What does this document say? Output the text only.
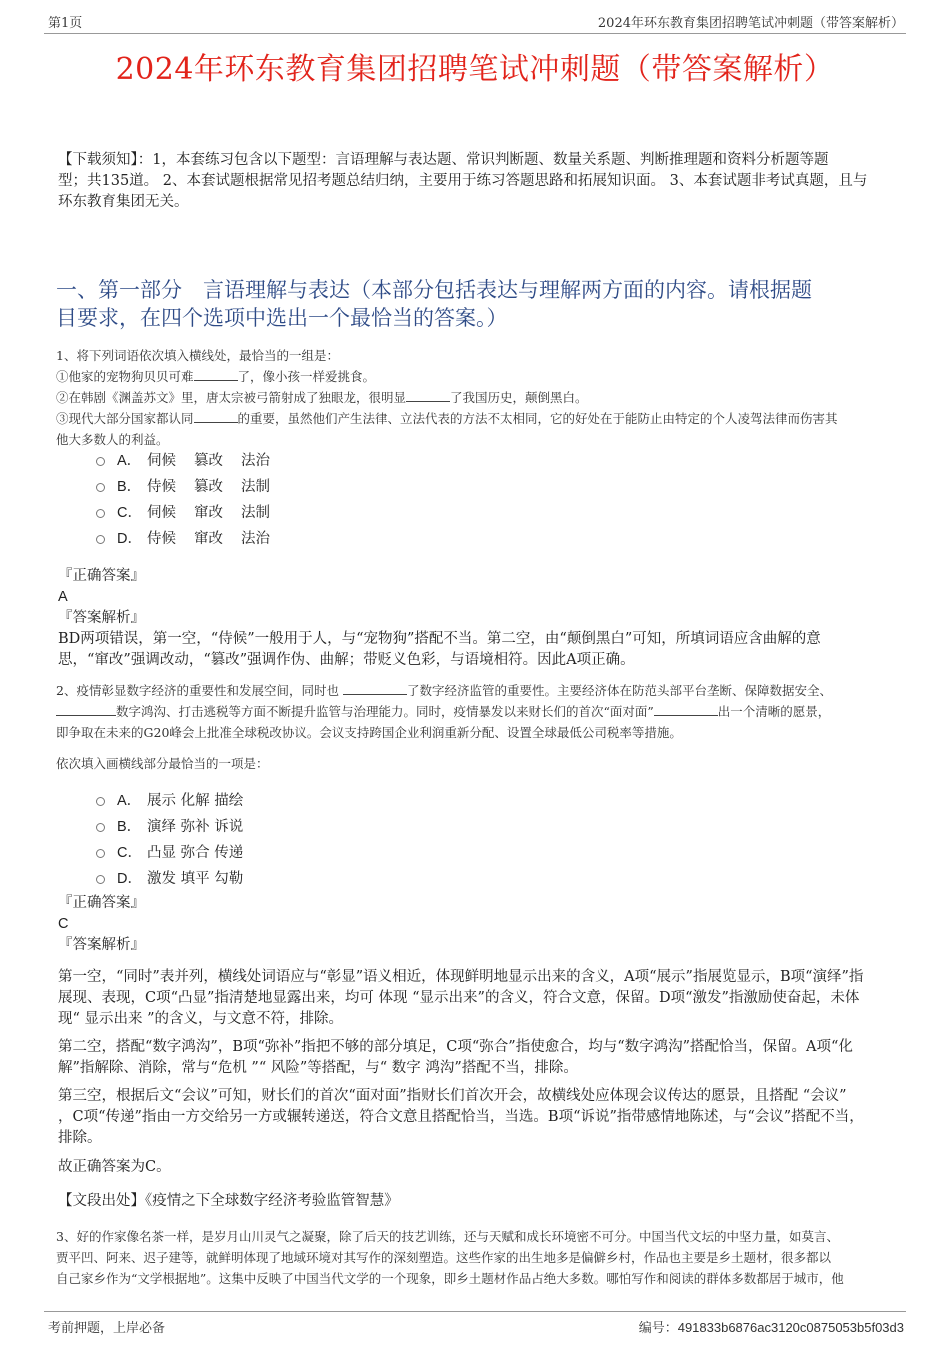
第1页	2024年环东教育集团招聘笔试冲刺题（带答案解析）
2024年环东教育集团招聘笔试冲刺题（带答案解析）
【下载须知】：1，本套练习包含以下题型：言语理解与表达题、常识判断题、数量关系题、判断推理题和资料分析题等题
型；共135道。 2、本套试题根据常见招考题总结归纳，主要用于练习答题思路和拓展知识面。 3、本套试题非考试真题，且与
环东教育集团无关。
一、第一部分　言语理解与表达（本部分包括表达与理解两方面的内容。请根据题
目要求，在四个选项中选出一个最恰当的答案。）
1、将下列词语依次填入横线处，最恰当的一组是：
①他家的宠物狗贝贝可难	了，像小孩一样爱挑食。
②在韩剧《渊盖苏文》里，唐太宗被弓箭射成了独眼龙，很明显	了我国历史，颠倒黑白。
③现代大部分国家都认同	的重要，虽然他们产生法律、立法代表的方法不太相同，它的好处在于能防止由特定的个人凌驾法律而伤害其
他大多数人的利益。
A． 伺候 篡改 法治
B． 侍候 篡改 法制
C． 伺候 窜改 法制
D． 侍候 窜改 法治
『正确答案』
A
『答案解析』
BD两项错误，第一空，“侍候”一般用于人，与“宠物狗”搭配不当。第二空，由“颠倒黑白”可知，所填词语应含曲解的意
思，“窜改”强调改动，“篡改”强调作伪、曲解；带贬义色彩，与语境相符。因此A项正确。
2、疫情彰显数字经济的重要性和发展空间，同时也	了数字经济监管的重要性。主要经济体在防范头部平台垄断、保障数据安全、
数字鸿沟、打击逃税等方面不断提升监管与治理能力。同时，疫情暴发以来财长们的首次“面对面”	出一个清晰的愿景，
即争取在未来的G20峰会上批准全球税改协议。会议支持跨国企业利润重新分配、设置全球最低公司税率等措施。
依次填入画横线部分最恰当的一项是：
A． 展示 化解 描绘
B． 演绎 弥补 诉说
C． 凸显 弥合 传递
D． 激发 填平 勾勒
『正确答案』
C
『答案解析』
第一空，“同时”表并列，横线处词语应与“彰显”语义相近，体现鲜明地显示出来的含义，A项“展示”指展览显示，B项“演绎”指
展现、表现，C项“凸显”指清楚地显露出来，均可 体现 “显示出来”的含义，符合文意，保留。D项“激发”指激励使奋起，未体
现“ 显示出来 ”的含义，与文意不符，排除。
第二空，搭配“数字鸿沟”，B项“弥补”指把不够的部分填足，C项“弥合”指使愈合，均与“数字鸿沟”搭配恰当，保留。A项“化
解”指解除、消除，常与“危机 ”“ 风险”等搭配，与“ 数字 鸿沟”搭配不当，排除。
第三空，根据后文“会议”可知，财长们的首次“面对面”指财长们首次开会，故横线处应体现会议传达的愿景，且搭配 “会议”
，C项“传递”指由一方交给另一方或辗转递送，符合文意且搭配恰当，当选。B项“诉说”指带感情地陈述，与“会议”搭配不当，
排除。
故正确答案为C。
【文段出处】《疫情之下全球数字经济考验监管智慧》
3、好的作家像名茶一样，是岁月山川灵气之凝聚，除了后天的技艺训练，还与天赋和成长环境密不可分。中国当代文坛的中坚力量，如莫言、
贾平凹、阿来、迟子建等，就鲜明体现了地域环境对其写作的深刻塑造。这些作家的出生地多是偏僻乡村，作品也主要是乡土题材，很多都以
自己家乡作为“文学根据地”。这集中反映了中国当代文学的一个现象，即乡土题材作品占绝大多数。哪怕写作和阅读的群体多数都居于城市，他
考前押题，上岸必备	编号：491833b6876ac3120c0875053b5f03d3
